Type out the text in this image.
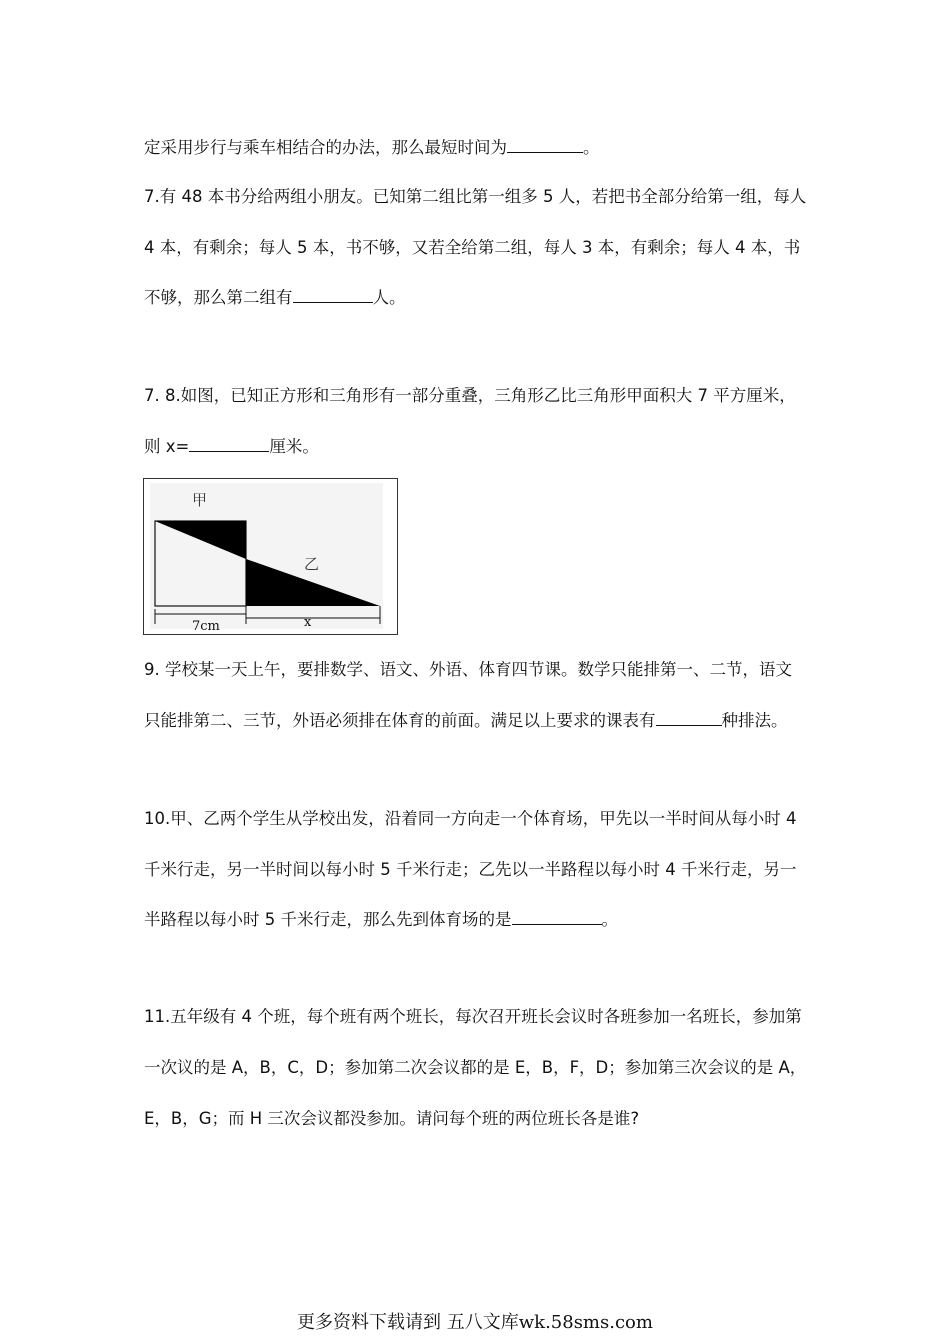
定采用步行与乘车相结合的办法，那么最短时间为	。

7.有 48 本书分给两组小朋友。已知第二组比第一组多 5 人，若把书全部分给第一组，每人

4 本，有剩余；每人 5 本，书不够，又若全给第二组，每人 3 本，有剩余；每人 4 本，书

不够，那么第二组有	人。

7. 8.如图，已知正方形和三角形有一部分重叠，三角形乙比三角形甲面积大 7 平方厘米，

则 x=	厘米。

甲
乙
7cm	x

9. 学校某一天上午，要排数学、语文、外语、体育四节课。数学只能排第一、二节，语文

只能排第二、三节，外语必须排在体育的前面。满足以上要求的课表有	种排法。

10.甲、乙两个学生从学校出发，沿着同一方向走一个体育场，甲先以一半时间从每小时 4

千米行走，另一半时间以每小时 5 千米行走；乙先以一半路程以每小时 4 千米行走，另一

半路程以每小时 5 千米行走，那么先到体育场的是	。

11.五年级有 4 个班，每个班有两个班长，每次召开班长会议时各班参加一名班长，参加第

一次议的是 A，B，C，D；参加第二次会议都的是 E，B，F，D；参加第三次会议的是 A，

E，B，G；而 H 三次会议都没参加。请问每个班的两位班长各是谁?

更多资料下载请到 五八文库wk.58sms.com
